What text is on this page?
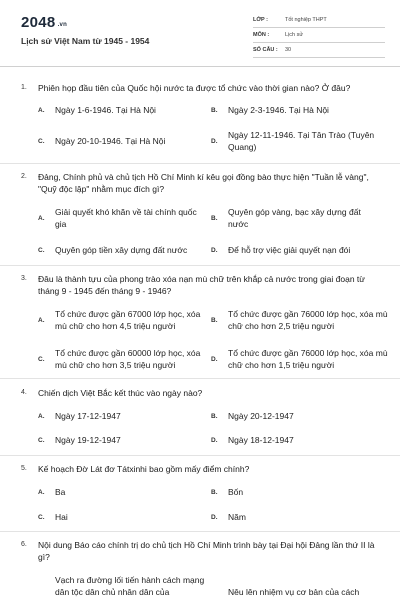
2048 .vn
Lịch sử Việt Nam từ 1945 - 1954
LỚP :	Tốt nghiệp THPT
MÔN :	Lịch sử
SỐ CÂU : 30
1. Phiên họp đầu tiên của Quốc hội nước ta được tổ chức vào thời gian nào? Ở đâu?
A. Ngày 1-6-1946. Tại Hà Nội	B. Ngày 2-3-1946. Tại Hà Nội
C. Ngày 20-10-1946. Tại Hà Nội	D.
Ngày 12-11-1946. Tại Tân Trào (Tuyên Quang)
2. Đảng, Chính phủ và chủ tịch Hồ Chí Minh kí kêu gọi đồng bào thực hiện "Tuần lễ vàng", "Quỹ độc lập" nhằm mục đích gì?
A.
Giải quyết khó khăn về tài chính quốc gia
B.
Quyên góp vàng, bạc xây dựng đất nước
C. Quyên góp tiền xây dựng đất nước	D. Để hỗ trợ việc giải quyết nạn đói
3. Đâu là thành tựu của phong trào xóa nạn mù chữ trên khắp cả nước trong giai đoạn từ tháng 9 - 1945 đến tháng 9 - 1946?
A.
Tổ chức được gần 67000 lớp học, xóa mù chữ cho hơn 4,5 triệu người
B.
Tổ chức được gần 76000 lớp học, xóa mù chữ cho hơn 2,5 triệu người
C.
Tổ chức được gần 60000 lớp học, xóa mù chữ cho hơn 3,5 triệu người
D.
Tổ chức được gần 76000 lớp học, xóa mù chữ cho hơn 1,5 triệu người
4. Chiến dịch Việt Bắc kết thúc vào ngày nào?
A. Ngày 17-12-1947	B. Ngày 20-12-1947
C. Ngày 19-12-1947	D. Ngày 18-12-1947
5. Kế hoạch Đờ Lát đơ Tátxinhi bao gồm mấy điểm chính?
A. Ba	B. Bốn
C. Hai	D. Năm
6. Nội dung Báo cáo chính trị do chủ tịch Hồ Chí Minh trình bày tại Đại hội Đảng lần thứ II là gì?
Vạch ra đường lối tiến hành cách mạng dân tộc dân chủ nhân dân của	Nêu lên nhiệm vụ cơ bản của cách
